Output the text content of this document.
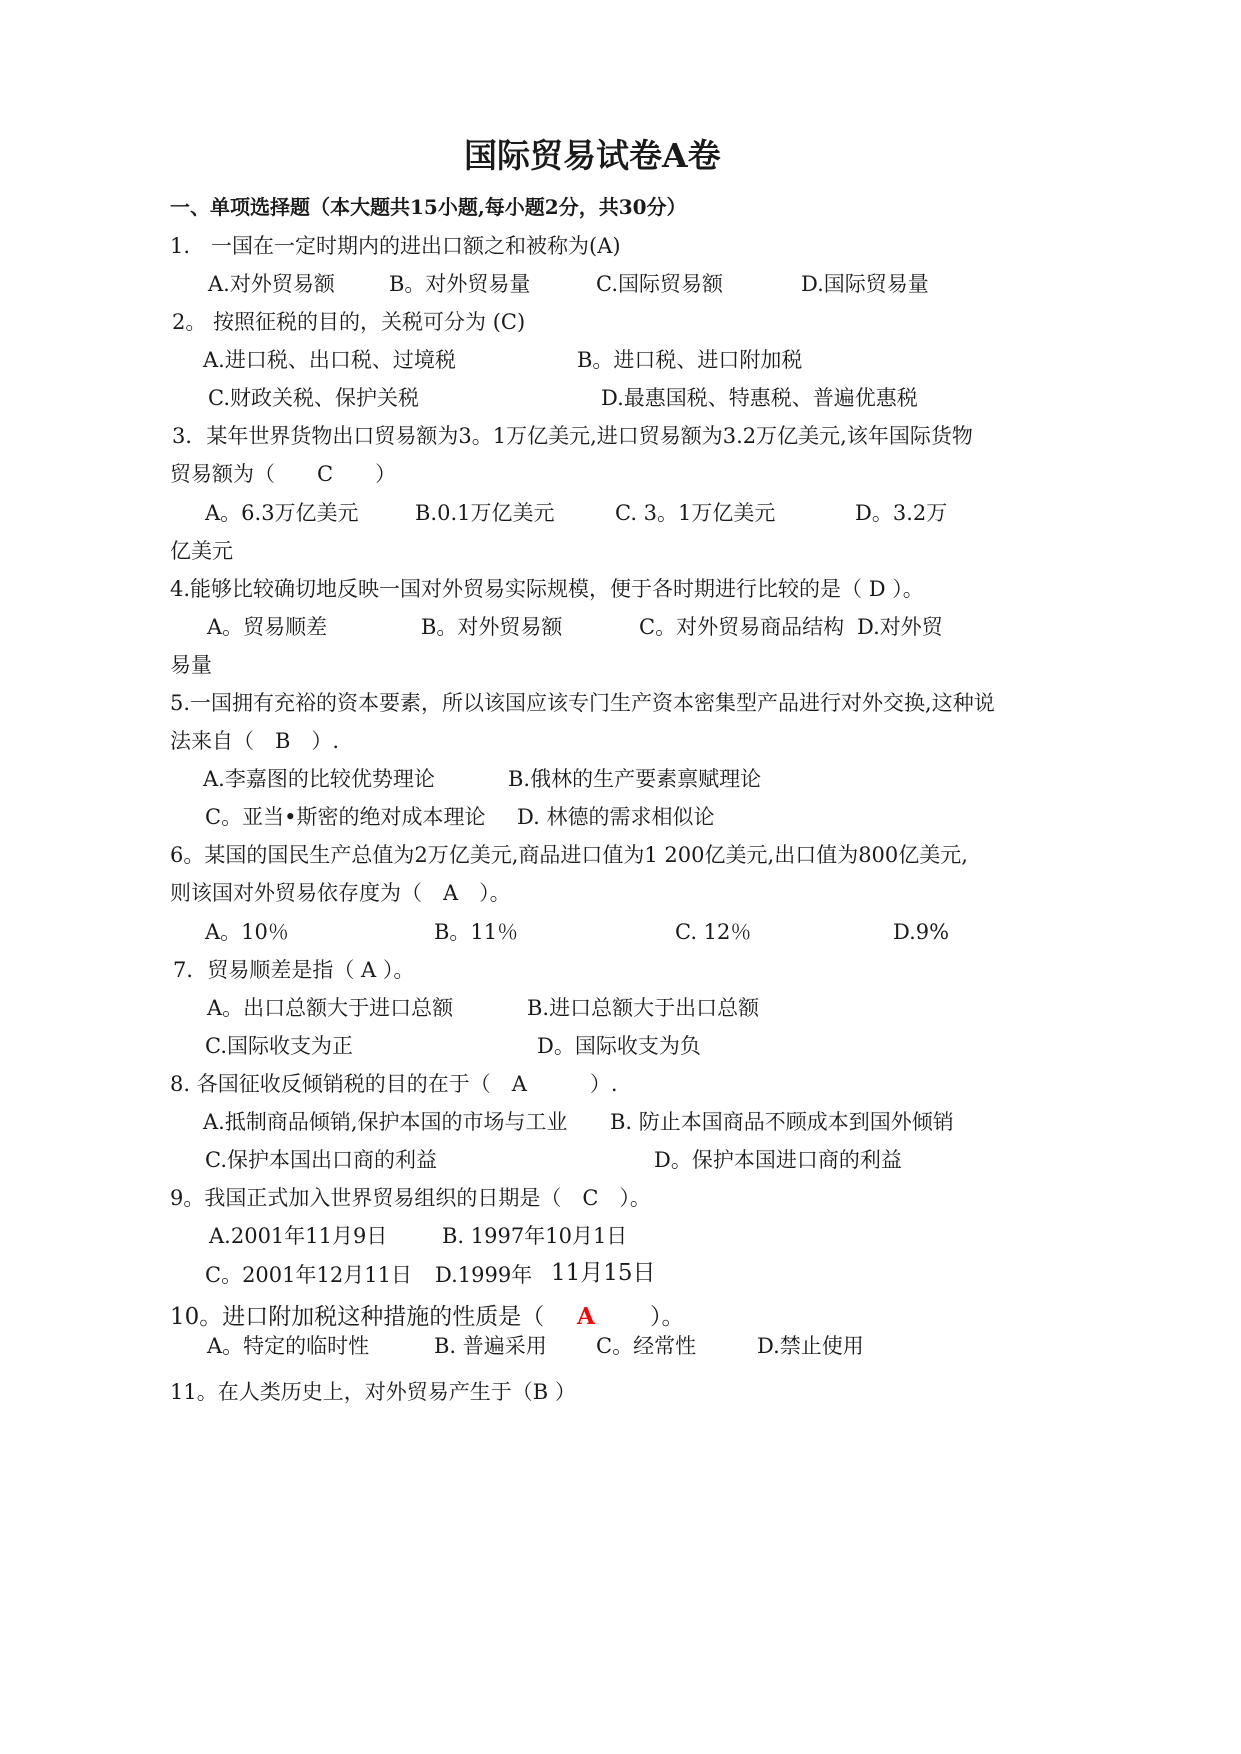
国际贸易试卷A卷
一、单项选择题（本大题共15小题,每小题2分，共30分）
1.　一国在一定时期内的进出口额之和被称为(A)
A.对外贸易额	B。对外贸易量	C.国际贸易额	D.国际贸易量
2。 按照征税的目的，关税可分为 (C)
A.进口税、出口税、过境税	B。进口税、进口附加税
C.财政关税、保护关税	D.最惠国税、特惠税、普遍优惠税
3．某年世界货物出口贸易额为3。1万亿美元,进口贸易额为3.2万亿美元,该年国际货物
贸易额为（　　C　　）
A。6.3万亿美元	B.0.1万亿美元	C. 3。1万亿美元	D。3.2万
亿美元
4.能够比较确切地反映一国对外贸易实际规模，便于各时期进行比较的是（ D ）。
A。贸易顺差	B。对外贸易额	C。对外贸易商品结构 D.对外贸
易量
5.一国拥有充裕的资本要素，所以该国应该专门生产资本密集型产品进行对外交换,这种说
法来自（　B　）.
A.李嘉图的比较优势理论	B.俄林的生产要素禀赋理论
C。亚当•斯密的绝对成本理论 D. 林德的需求相似论
6。某国的国民生产总值为2万亿美元,商品进口值为1 200亿美元,出口值为800亿美元,
则该国对外贸易依存度为（　A　）。
A。10％	B。11％	C. 12％	D.9%
7．贸易顺差是指（ A ）。
A。出口总额大于进口总额	B.进口总额大于出口总额
C.国际收支为正	D。国际收支为负
8. 各国征收反倾销税的目的在于（　A　　　）.
A.抵制商品倾销,保护本国的市场与工业 B. 防止本国商品不顾成本到国外倾销
C.保护本国出口商的利益	D。保护本国进口商的利益
9。我国正式加入世界贸易组织的日期是（　C　）。
A.2001年11月9日	B. 1997年10月1日
C。2001年12月11日 D.1999年 11月15日
10。进口附加税这种措施的性质是（ A ）。
A。特定的临时性	B. 普遍采用 C。经常性	D.禁止使用
11。在人类历史上，对外贸易产生于（B ）
